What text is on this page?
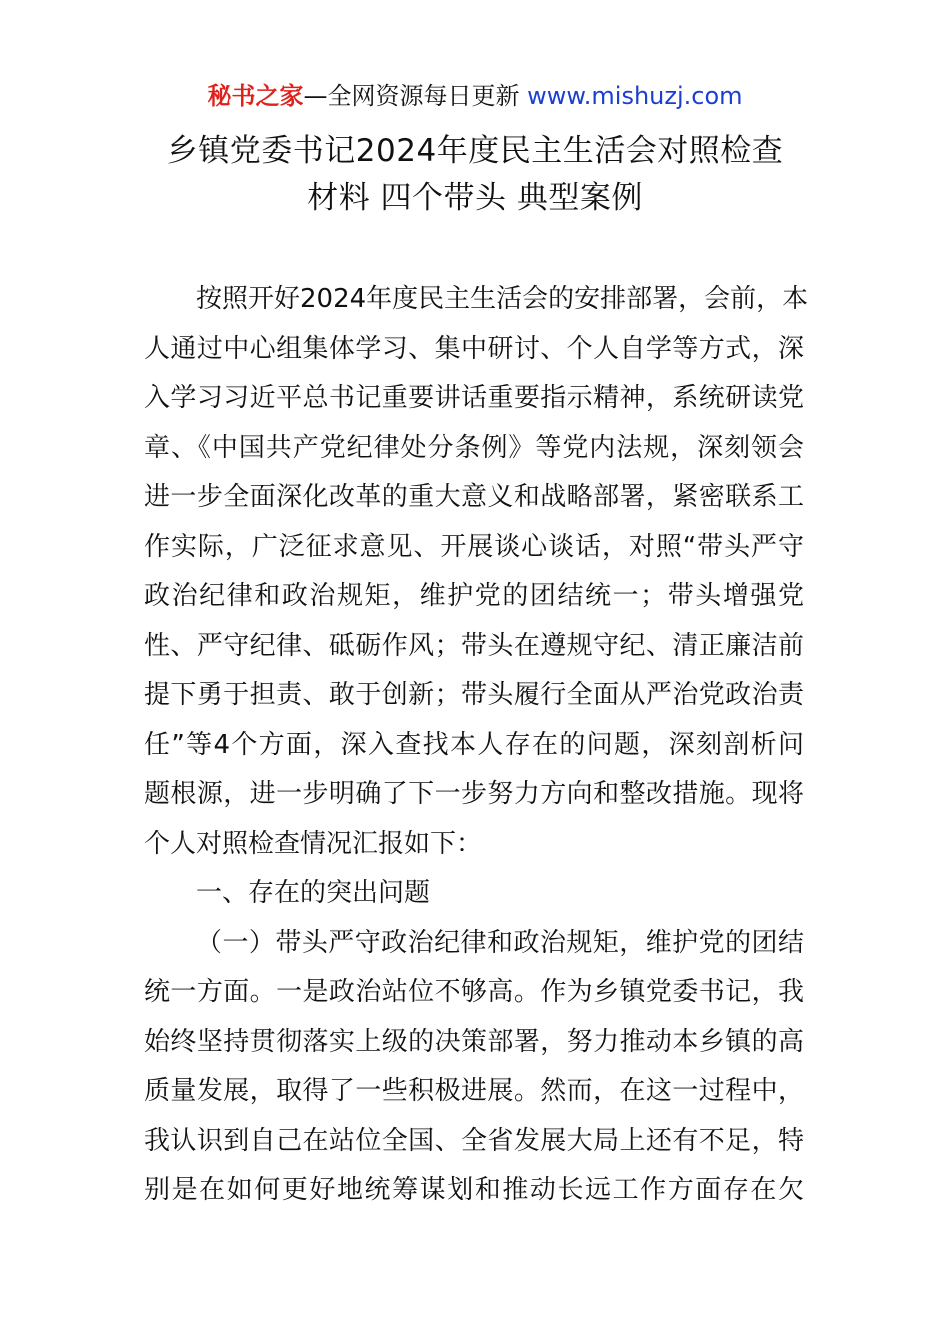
秘书之家—全网资源每日更新 www.mishuzj.com
乡镇党委书记2024年度民主生活会对照检查
材料 四个带头 典型案例
按照开好2024年度民主生活会的安排部署，会前，本
人通过中心组集体学习、集中研讨、个人自学等方式，深
入学习习近平总书记重要讲话重要指示精神，系统研读党
章、《中国共产党纪律处分条例》等党内法规，深刻领会
进一步全面深化改革的重大意义和战略部署，紧密联系工
作实际，广泛征求意见、开展谈心谈话，对照“带头严守
政治纪律和政治规矩，维护党的团结统一；带头增强党
性、严守纪律、砥砺作风；带头在遵规守纪、清正廉洁前
提下勇于担责、敢于创新；带头履行全面从严治党政治责
任”等4个方面，深入查找本人存在的问题，深刻剖析问
题根源，进一步明确了下一步努力方向和整改措施。现将
个人对照检查情况汇报如下：
一、存在的突出问题
（一）带头严守政治纪律和政治规矩，维护党的团结
统一方面。一是政治站位不够高。作为乡镇党委书记，我
始终坚持贯彻落实上级的决策部署，努力推动本乡镇的高
质量发展，取得了一些积极进展。然而，在这一过程中，
我认识到自己在站位全国、全省发展大局上还有不足，特
别是在如何更好地统筹谋划和推动长远工作方面存在欠
